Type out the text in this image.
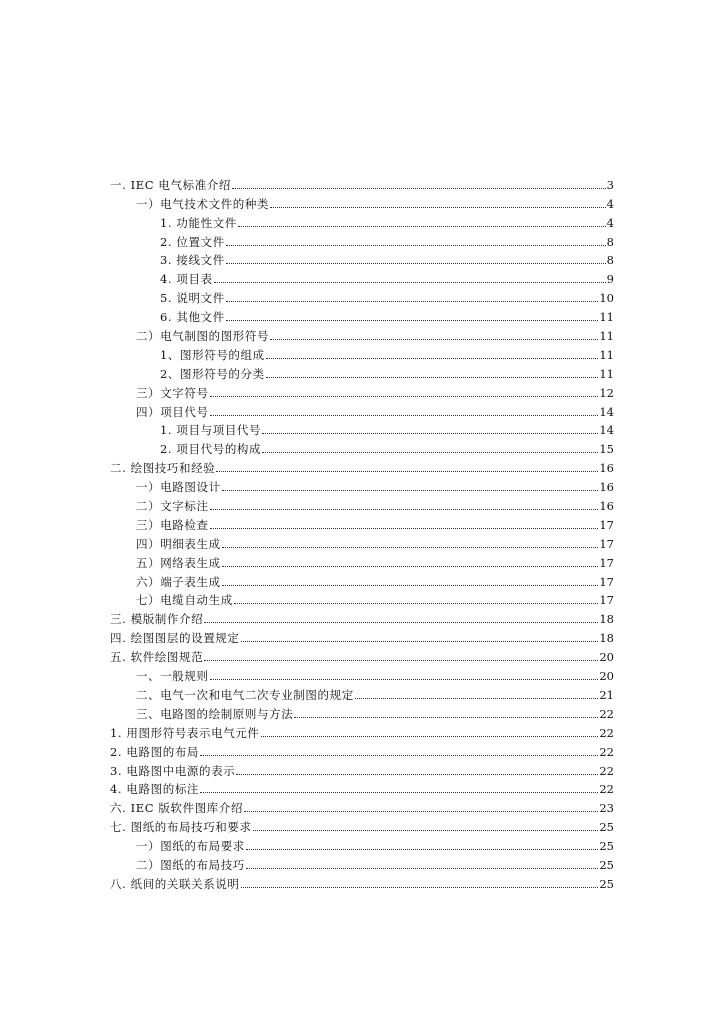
一. IEC 电气标准介绍	3
一）电气技术文件的种类	4
1. 功能性文件	4
2. 位置文件	8
3. 接线文件	8
4. 项目表	9
5. 说明文件	10
6. 其他文件	11
二）电气制图的图形符号	11
1、图形符号的组成	11
2、图形符号的分类	11
三）文字符号	12
四）项目代号	14
1. 项目与项目代号	14
2. 项目代号的构成	15
二. 绘图技巧和经验	16
一）电路图设计	16
二）文字标注	16
三）电路检查	17
四）明细表生成	17
五）网络表生成	17
六）端子表生成	17
七）电缆自动生成	17
三. 模版制作介绍	18
四. 绘图图层的设置规定	18
五. 软件绘图规范	20
一、一般规则	20
二、电气一次和电气二次专业制图的规定	21
三、电路图的绘制原则与方法	22
1. 用图形符号表示电气元件	22
2. 电路图的布局	22
3. 电路图中电源的表示	22
4. 电路图的标注	22
六. IEC 版软件图库介绍	23
七. 图纸的布局技巧和要求	25
一）图纸的布局要求	25
二）图纸的布局技巧	25
八. 纸间的关联关系说明	25
